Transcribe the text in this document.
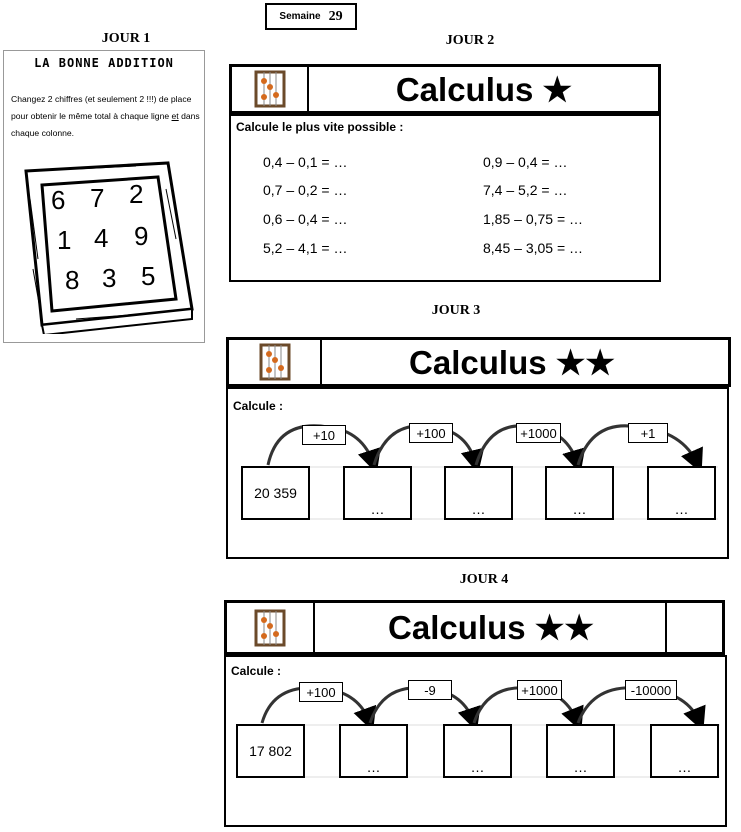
Semaine 29
JOUR 1
LA BONNE ADDITION
Changez 2 chiffres (et seulement 2 !!!) de place pour obtenir le même total à chaque ligne et dans chaque colonne.
6 7 2
1 4 9
8 3 5
JOUR 2
Calculus ★
Calcule le plus vite possible :
0,4 – 0,1 = …	0,9 – 0,4 = …
0,7 – 0,2 = …	7,4 – 5,2 = …
0,6 – 0,4 = …	1,85 – 0,75 = …
5,2 – 4,1 = …	8,45 – 3,05 = …
JOUR 3
Calculus ★★
Calcule :
+10	+100	+1000	+1
20 359
…	…	…	…
JOUR 4
Calculus ★★
Calcule :
+100	-9	+1000	-10000
17 802
…	…	…	…
